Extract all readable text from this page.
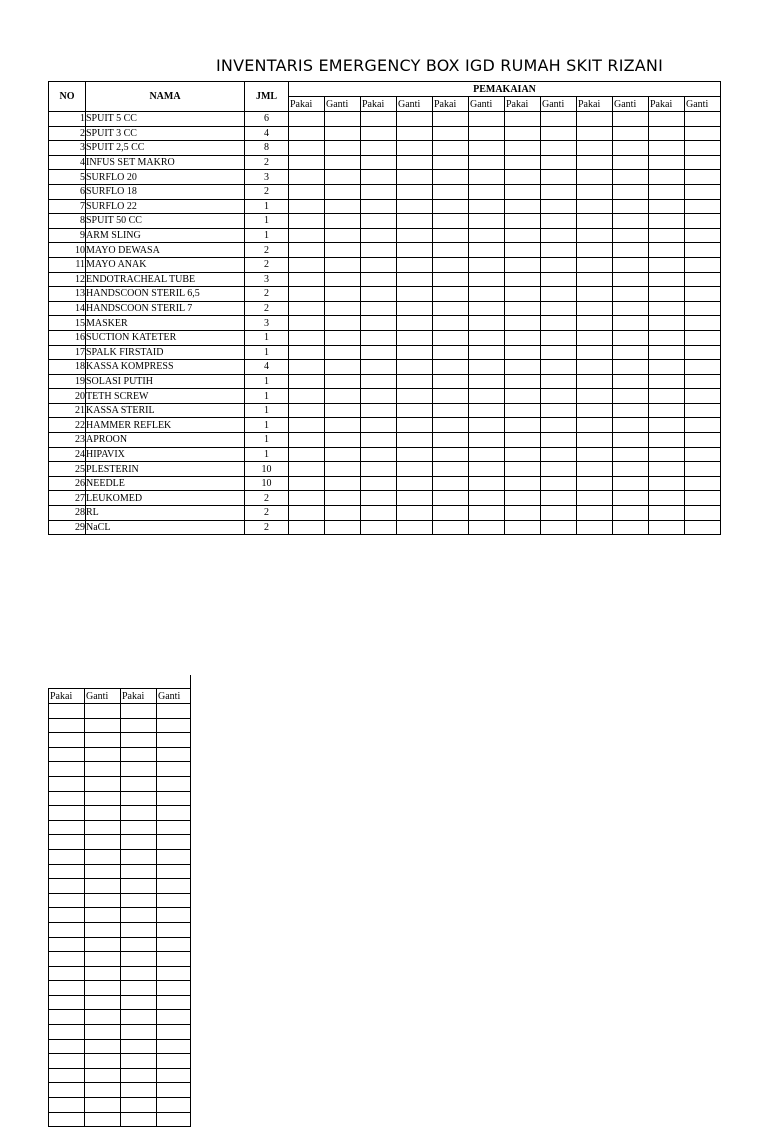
INVENTARIS EMERGENCY BOX IGD RUMAH SKIT RIZANI
NO	NAMA	JML	PEMAKAIAN											
			Pakai	Ganti	Pakai	Ganti	Pakai	Ganti	Pakai	Ganti	Pakai	Ganti	Pakai	Ganti
1	SPUIT 5 CC	6												
2	SPUIT 3 CC	4												
3	SPUIT 2,5 CC	8												
4	INFUS SET MAKRO	2												
5	SURFLO 20	3												
6	SURFLO 18	2												
7	SURFLO 22	1												
8	SPUIT 50 CC	1												
9	ARM SLING	1												
10	MAYO DEWASA	2												
11	MAYO ANAK	2												
12	ENDOTRACHEAL TUBE	3												
13	HANDSCOON STERIL 6,5	2												
14	HANDSCOON STERIL 7	2												
15	MASKER	3												
16	SUCTION KATETER	1												
17	SPALK FIRSTAID	1												
18	KASSA KOMPRESS	4												
19	SOLASI PUTIH	1												
20	TETH SCREW	1												
21	KASSA STERIL	1												
22	HAMMER REFLEK	1												
23	APROON	1												
24	HIPAVIX	1												
25	PLESTERIN	10												
26	NEEDLE	10												
27	LEUKOMED	2												
28	RL	2												
29	NaCL	2												

Pakai	Ganti	Pakai	Ganti
